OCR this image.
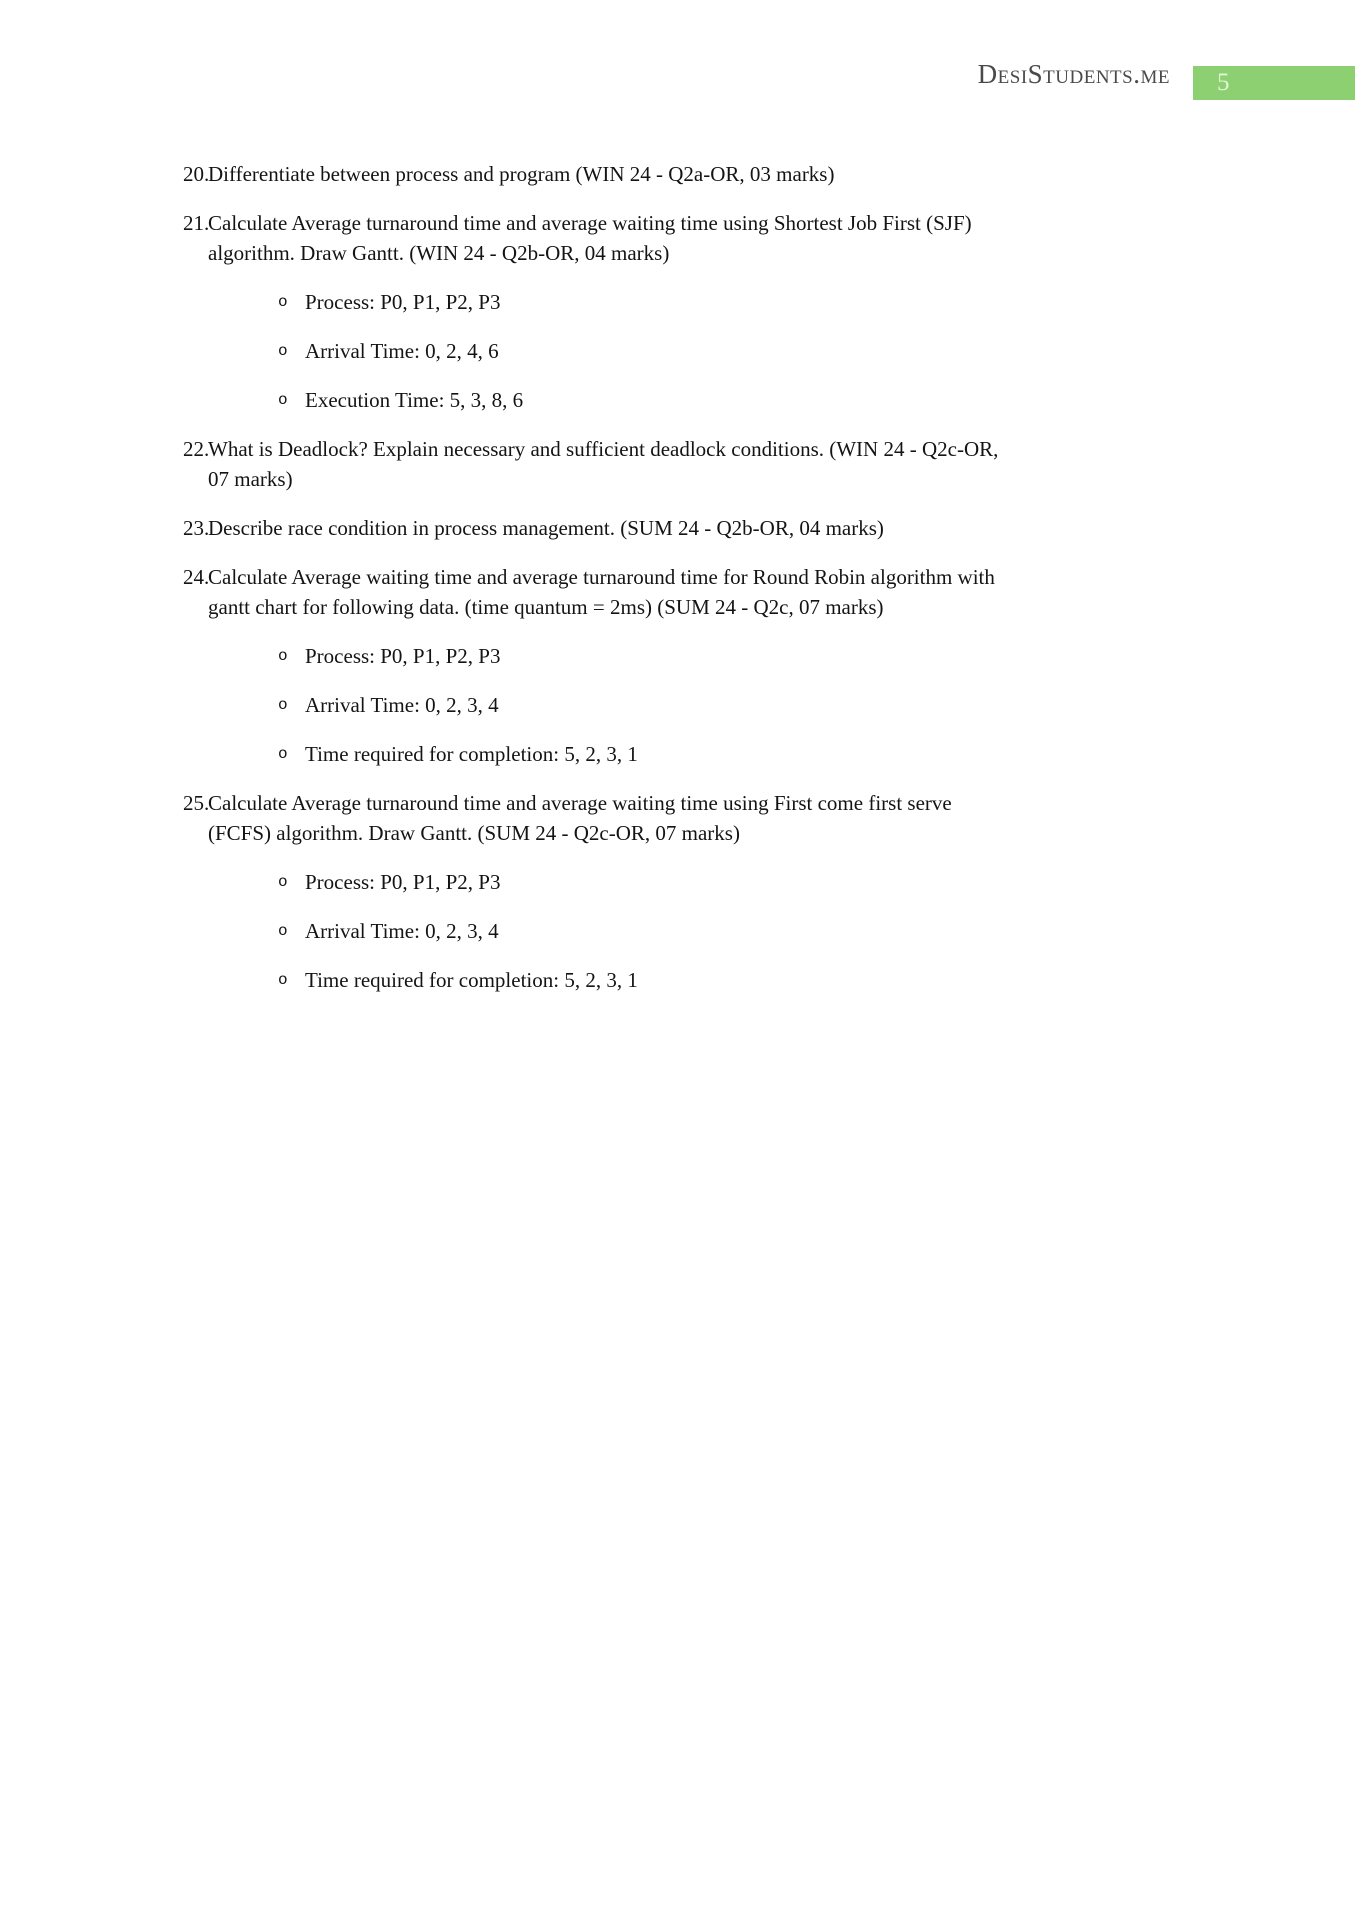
DesiStudents.me 5
20.
Differentiate between process and program (WIN 24 - Q2a-OR, 03 marks)
21.
Calculate Average turnaround time and average waiting time using Shortest Job First (SJF)
algorithm. Draw Gantt. (WIN 24 - Q2b-OR, 04 marks)
o Process: P0, P1, P2, P3
o Arrival Time: 0, 2, 4, 6
o Execution Time: 5, 3, 8, 6
22.
What is Deadlock? Explain necessary and sufficient deadlock conditions. (WIN 24 - Q2c-OR,
07 marks)
23.
Describe race condition in process management. (SUM 24 - Q2b-OR, 04 marks)
24.
Calculate Average waiting time and average turnaround time for Round Robin algorithm with
gantt chart for following data. (time quantum = 2ms) (SUM 24 - Q2c, 07 marks)
o Process: P0, P1, P2, P3
o Arrival Time: 0, 2, 3, 4
o Time required for completion: 5, 2, 3, 1
25.
Calculate Average turnaround time and average waiting time using First come first serve
(FCFS) algorithm. Draw Gantt. (SUM 24 - Q2c-OR, 07 marks)
o Process: P0, P1, P2, P3
o Arrival Time: 0, 2, 3, 4
o Time required for completion: 5, 2, 3, 1
